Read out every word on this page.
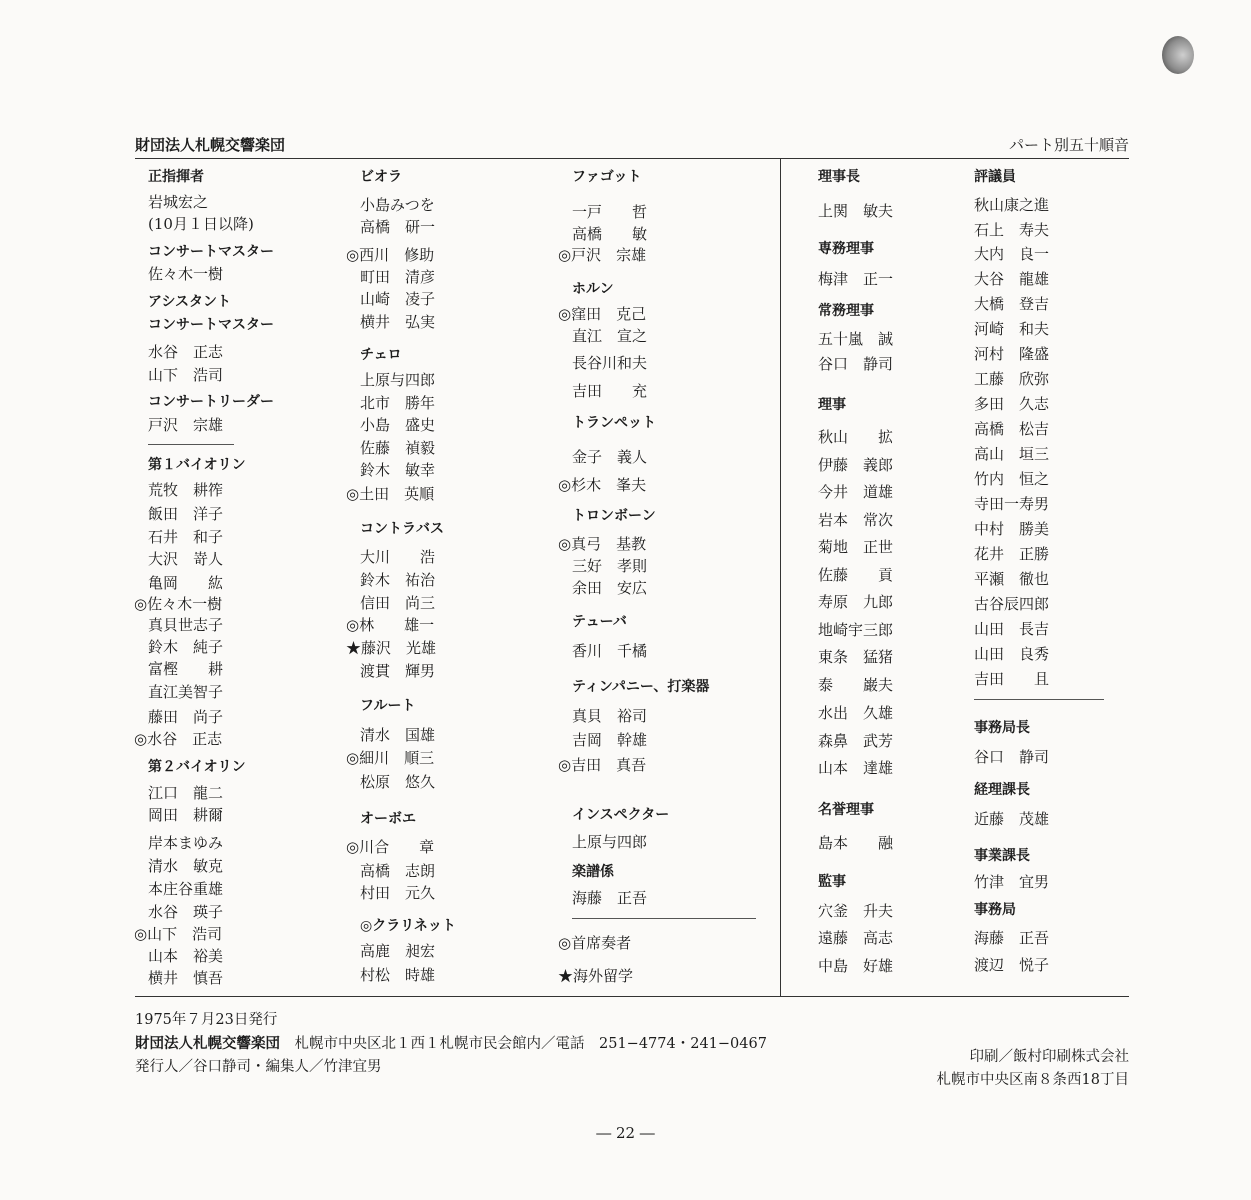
財団法人札幌交響楽団	パート別五十順音
正指揮者
岩城宏之
(10月１日以降)
コンサートマスター
佐々木一樹
アシスタント
コンサートマスター
水谷　正志
山下　浩司
コンサートリーダー
戸沢　宗雄
第１バイオリン
荒牧　耕筰
飯田　洋子
石井　和子
大沢　嵜人
亀岡　　紘
◎佐々木一樹
真貝世志子
鈴木　純子
富樫　　耕
直江美智子
藤田　尚子
◎水谷　正志
第２バイオリン
江口　龍二
岡田　耕爾
岸本まゆみ
清水　敏克
本庄谷重雄
水谷　瑛子
◎山下　浩司
山本　裕美
横井　慎吾
ビオラ
小島みつを
高橋　研一
◎西川　修助
町田　清彦
山崎　凌子
横井　弘実
チェロ
上原与四郎
北市　勝年
小島　盛史
佐藤　禎毅
鈴木　敏幸
◎土田　英順
コントラバス
大川　　浩
鈴木　祐治
信田　尚三
◎林　　雄一
★藤沢　光雄
渡貫　輝男
フルート
清水　国雄
◎細川　順三
松原　悠久
オーボエ
◎川合　　章
高橋　志朗
村田　元久
◎クラリネット
高鹿　昶宏
村松　時雄
ファゴット
一戸　　哲
高橋　　敏
◎戸沢　宗雄
ホルン
◎窪田　克己
直江　宣之
長谷川和夫
吉田　　充
トランペット
金子　義人
◎杉木　峯夫
トロンボーン
◎真弓　基教
三好　孝則
余田　安広
テューバ
香川　千橘
ティンパニー、打楽器
真貝　裕司
吉岡　幹雄
◎吉田　真吾
インスペクター
上原与四郎
楽譜係
海藤　正吾
◎首席奏者
★海外留学
理事長
上関　敏夫
専務理事
梅津　正一
常務理事
五十嵐　誠
谷口　静司
理事
秋山　　拡
伊藤　義郎
今井　道雄
岩本　常次
菊地　正世
佐藤　　貢
寿原　九郎
地崎宇三郎
東条　猛猪
泰　　巌夫
水出　久雄
森鼻　武芳
山本　達雄
名誉理事
島本　　融
監事
穴釜　升夫
遠藤　高志
中島　好雄
評議員
秋山康之進
石上　寿夫
大内　良一
大谷　龍雄
大橋　登吉
河崎　和夫
河村　隆盛
工藤　欣弥
多田　久志
高橋　松吉
高山　垣三
竹内　恒之
寺田一寿男
中村　勝美
花井　正勝
平瀬　徹也
古谷辰四郎
山田　長吉
山田　良秀
吉田　　且
事務局長
谷口　静司
経理課長
近藤　茂雄
事業課長
竹津　宜男
事務局
海藤　正吾
渡辺　悦子
1975年７月23日発行
財団法人札幌交響楽団　 札幌市中央区北１西１札幌市民会館内／電話　251−4774・241−0467
発行人／谷口静司・編集人／竹津宜男
印刷／飯村印刷株式会社
札幌市中央区南８条西18丁目
― 22 ―
